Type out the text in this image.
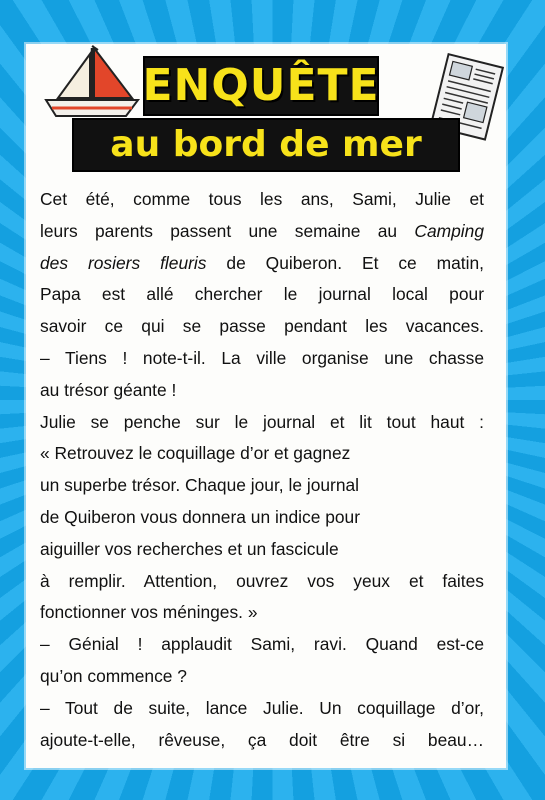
ENQUÊTE
au bord de mer
Cet été, comme tous les ans, Sami, Julie et
leurs parents passent une semaine au Camping
des rosiers fleuris de Quiberon. Et ce matin,
Papa est allé chercher le journal local pour
savoir ce qui se passe pendant les vacances.
– Tiens ! note-t-il. La ville organise une chasse
au trésor géante !
Julie se penche sur le journal et lit tout haut :
« Retrouvez le coquillage d’or et gagnez
un superbe trésor. Chaque jour, le journal
de Quiberon vous donnera un indice pour
aiguiller vos recherches et un fascicule
à remplir. Attention, ouvrez vos yeux et faites
fonctionner vos méninges. »
– Génial ! applaudit Sami, ravi. Quand est-ce
qu’on commence ?
– Tout de suite, lance Julie. Un coquillage d’or,
ajoute-t-elle, rêveuse, ça doit être si beau…
